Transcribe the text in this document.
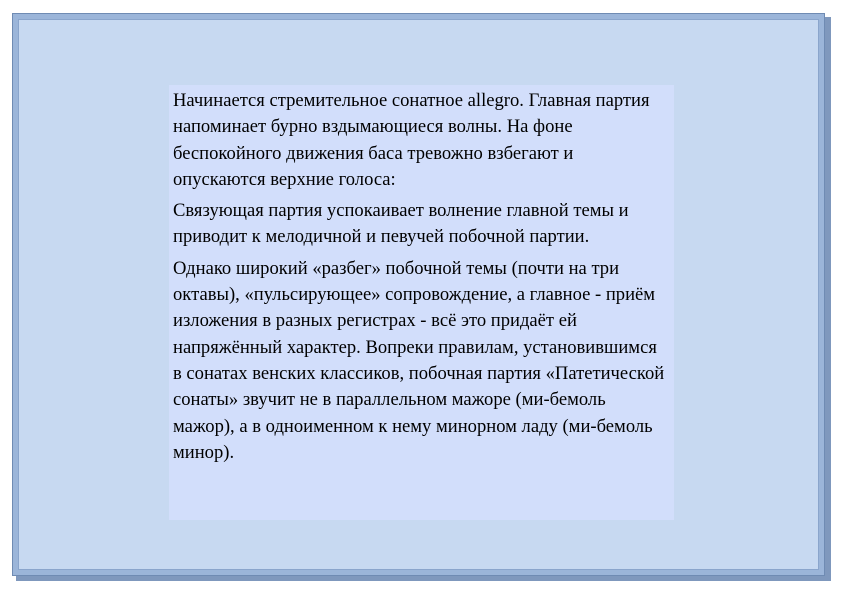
Начинается стремительное сонатное allegro. Главная партия напоминает бурно вздымающиеся волны. На фоне беспокойного движения баса тревожно взбегают и опускаются верхние голоса:

Связующая партия успокаивает волнение главной темы и приводит к мелодичной и певучей побочной партии.

Однако широкий «разбег» побочной темы (почти на три октавы), «пульсирующее» сопровождение, а главное - приём изложения в разных регистрах - всё это придаёт ей напряжённый характер. Вопреки правилам, установившимся в сонатах венских классиков, побочная партия «Патетической сонаты» звучит не в параллельном мажоре (ми-бемоль мажор), а в одноименном к нему минорном ладу (ми-бемоль минор).
